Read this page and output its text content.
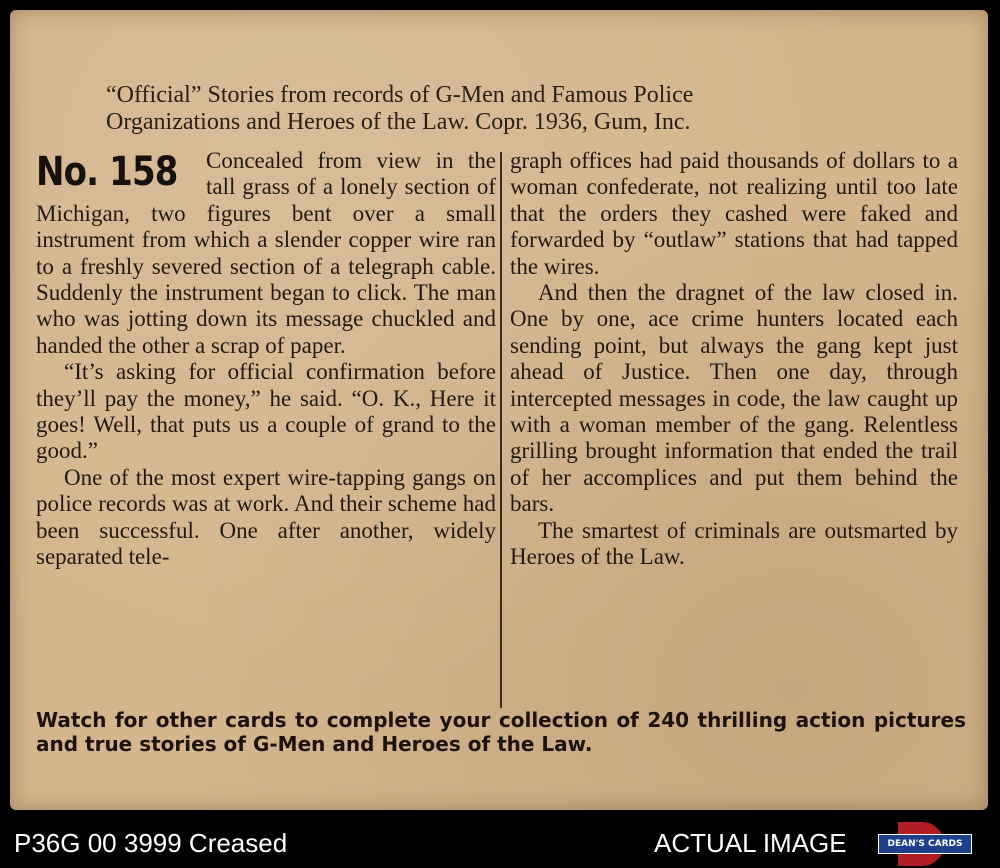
“Official” Stories from records of G-Men and Famous Police
Organizations and Heroes of the Law. Copr. 1936, Gum, Inc.
No. 158	Concealed from view in the tall grass of a lonely section of Michigan, two figures bent over a small instrument from which a slender copper wire ran to a freshly severed section of a telegraph cable. Suddenly the instrument began to click. The man who was jotting down its message chuckled and handed the other a scrap of paper.

“It’s asking for official confirmation before they’ll pay the money,” he said. “O. K., Here it goes! Well, that puts us a couple of grand to the good.”

One of the most expert wire-tapping gangs on police records was at work. And their scheme had been successful. One after another, widely separated tele-

graph offices had paid thousands of dollars to a woman confederate, not realizing until too late that the orders they cashed were faked and forwarded by “outlaw” stations that had tapped the wires.

And then the dragnet of the law closed in. One by one, ace crime hunters located each sending point, but always the gang kept just ahead of Justice. Then one day, through intercepted messages in code, the law caught up with a woman member of the gang. Relentless grilling brought information that ended the trail of her accomplices and put them behind the bars.

The smartest of criminals are outsmarted by Heroes of the Law.

Watch for other cards to complete your collection of 240 thrilling action pictures and true stories of G-Men and Heroes of the Law.
P36G 00 3999 Creased	ACTUAL IMAGE	DEAN'S CARDS
